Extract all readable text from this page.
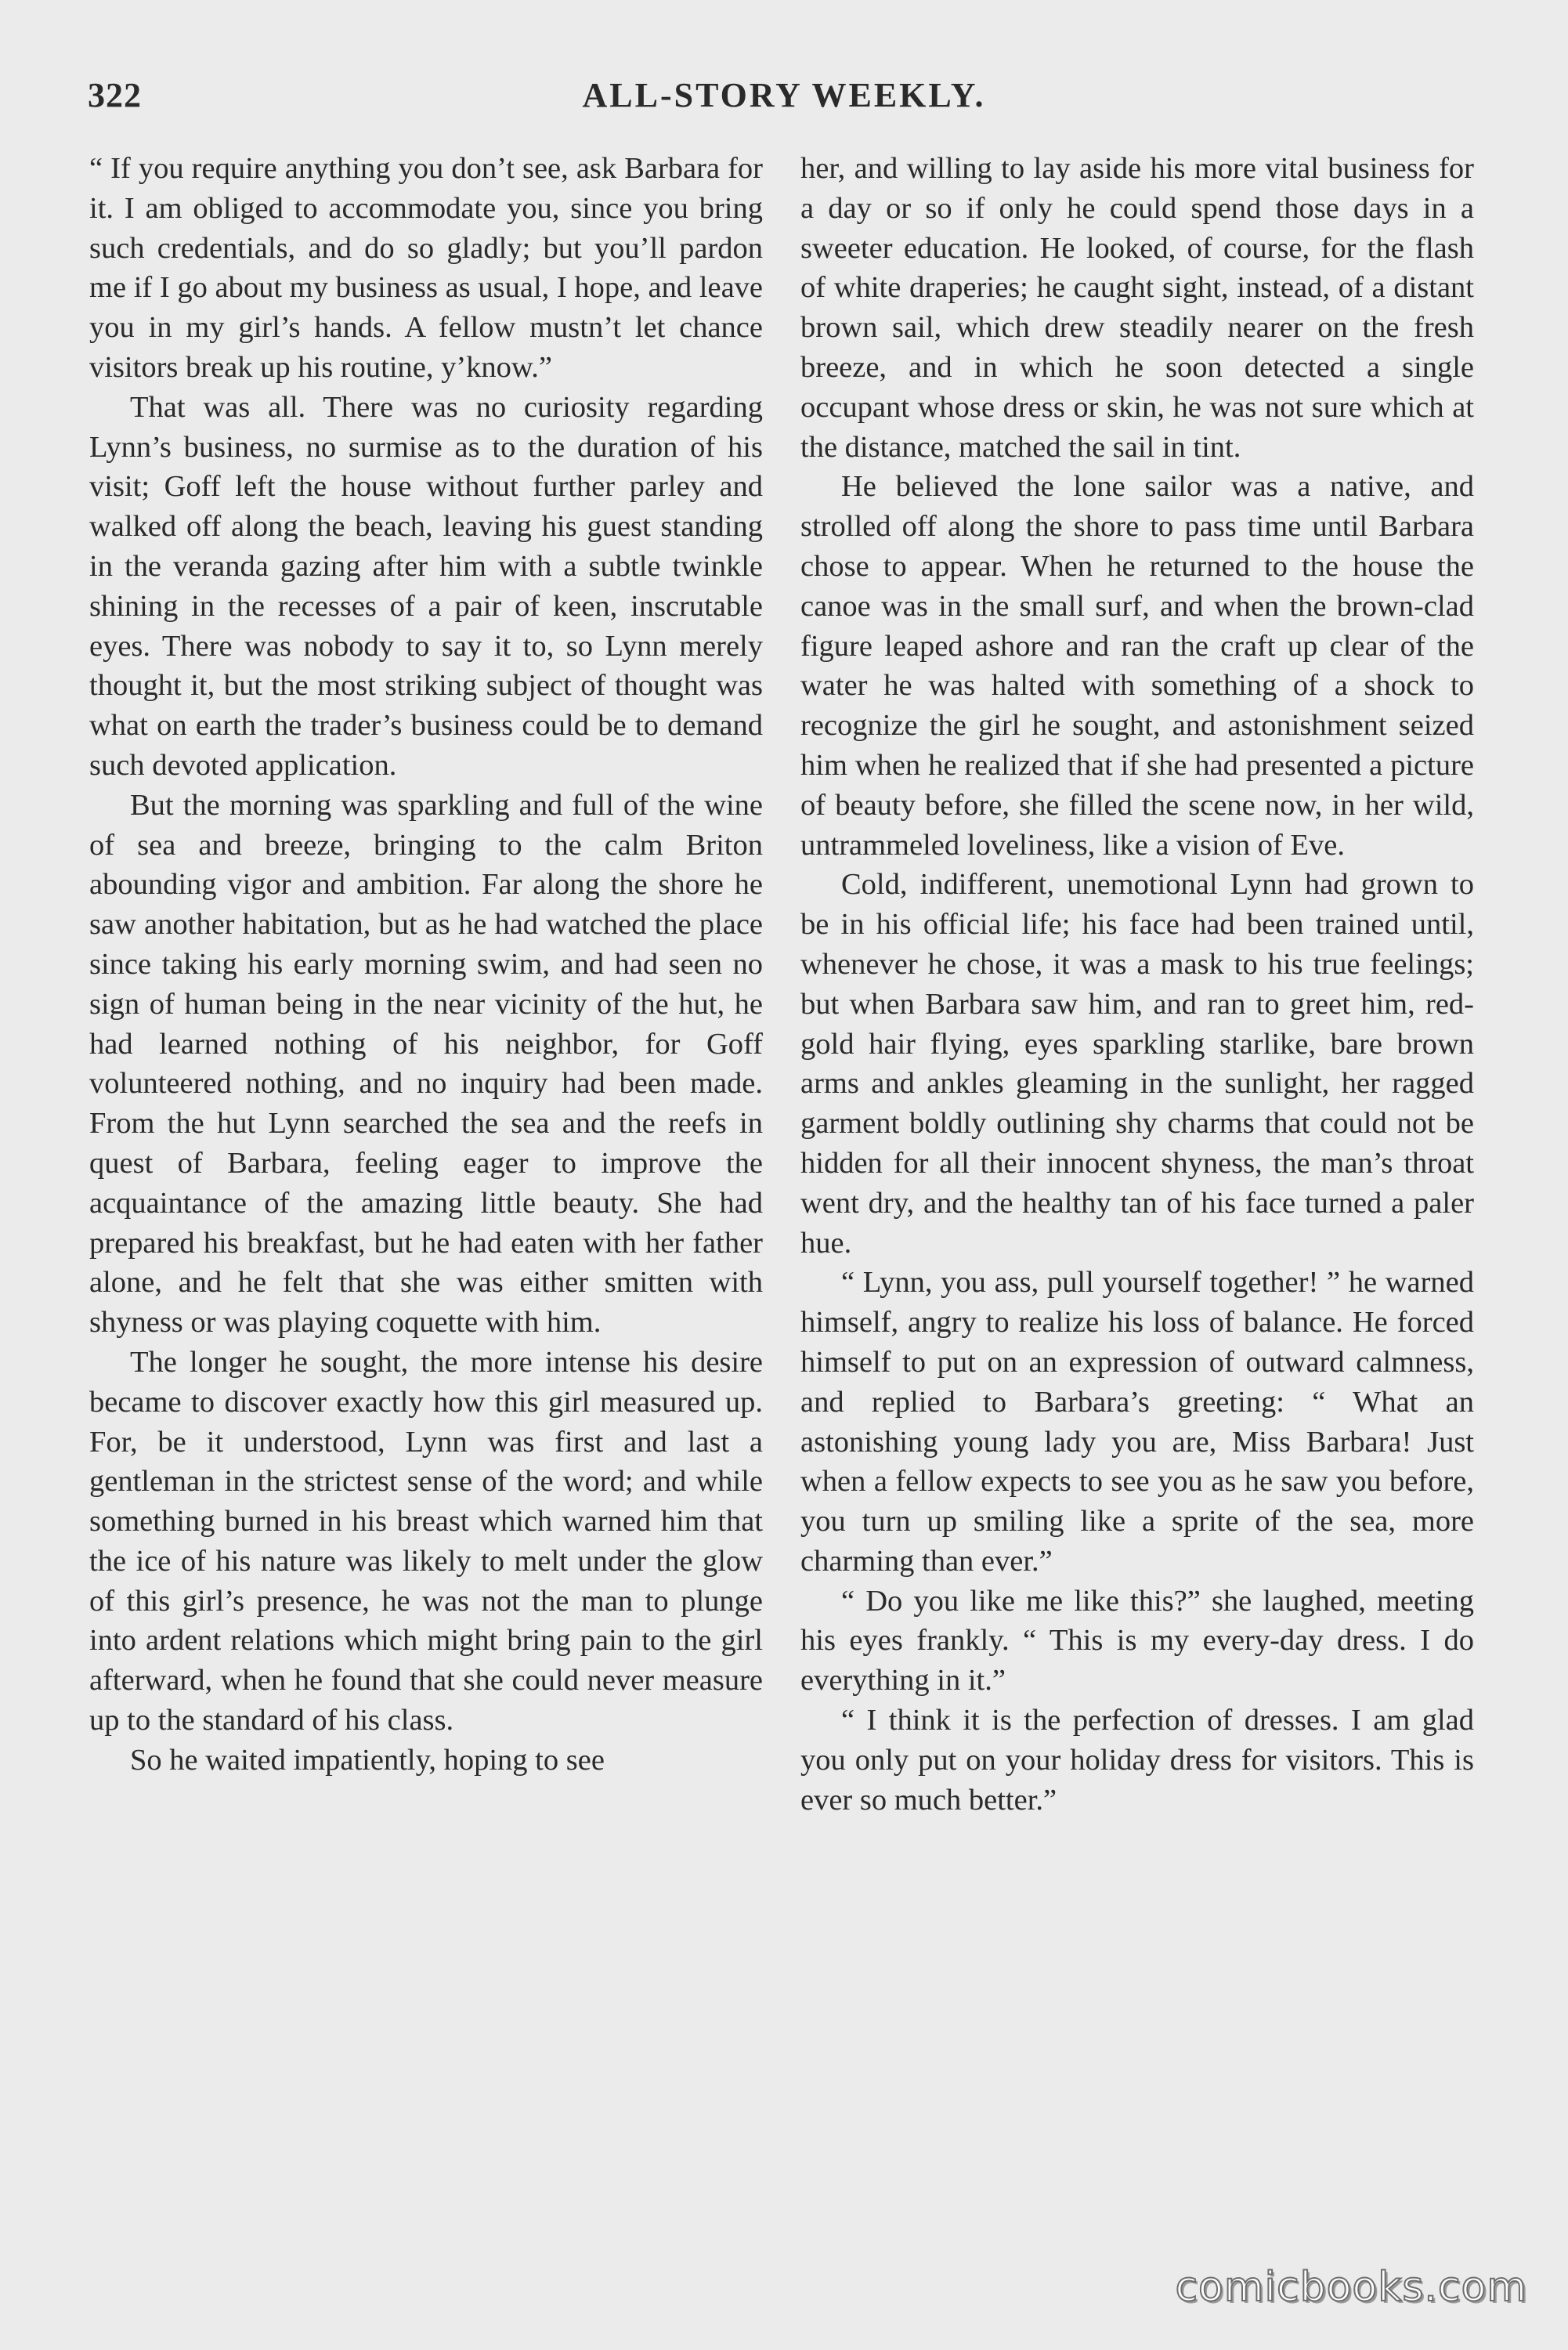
322	ALL-STORY WEEKLY.

“ If you require anything you don’t see, ask Barbara for it. I am obliged to accommodate you, since you bring such credentials, and do so gladly; but you’ll pardon me if I go about my business as usual, I hope, and leave you in my girl’s hands. A fellow mustn’t let chance visitors break up his routine, y’know.”

That was all. There was no curiosity regarding Lynn’s business, no surmise as to the duration of his visit; Goff left the house without further parley and walked off along the beach, leaving his guest standing in the veranda gazing after him with a subtle twinkle shining in the recesses of a pair of keen, inscrutable eyes. There was nobody to say it to, so Lynn merely thought it, but the most striking subject of thought was what on earth the trader’s business could be to demand such devoted application.

But the morning was sparkling and full of the wine of sea and breeze, bringing to the calm Briton abounding vigor and ambition. Far along the shore he saw another habitation, but as he had watched the place since taking his early morning swim, and had seen no sign of human being in the near vicinity of the hut, he had learned nothing of his neighbor, for Goff volunteered nothing, and no inquiry had been made. From the hut Lynn searched the sea and the reefs in quest of Barbara, feeling eager to improve the acquaintance of the amazing little beauty. She had prepared his breakfast, but he had eaten with her father alone, and he felt that she was either smitten with shyness or was playing coquette with him.

The longer he sought, the more intense his desire became to discover exactly how this girl measured up. For, be it understood, Lynn was first and last a gentleman in the strictest sense of the word; and while something burned in his breast which warned him that the ice of his nature was likely to melt under the glow of this girl’s presence, he was not the man to plunge into ardent relations which might bring pain to the girl afterward, when he found that she could never measure up to the standard of his class.

So he waited impatiently, hoping to see

her, and willing to lay aside his more vital business for a day or so if only he could spend those days in a sweeter education. He looked, of course, for the flash of white draperies; he caught sight, instead, of a distant brown sail, which drew steadily nearer on the fresh breeze, and in which he soon detected a single occupant whose dress or skin, he was not sure which at the distance, matched the sail in tint.

He believed the lone sailor was a native, and strolled off along the shore to pass time until Barbara chose to appear. When he returned to the house the canoe was in the small surf, and when the brown-clad figure leaped ashore and ran the craft up clear of the water he was halted with something of a shock to recognize the girl he sought, and astonishment seized him when he realized that if she had presented a picture of beauty before, she filled the scene now, in her wild, untrammeled loveliness, like a vision of Eve.

Cold, indifferent, unemotional Lynn had grown to be in his official life; his face had been trained until, whenever he chose, it was a mask to his true feelings; but when Barbara saw him, and ran to greet him, red-gold hair flying, eyes sparkling starlike, bare brown arms and ankles gleaming in the sunlight, her ragged garment boldly outlining shy charms that could not be hidden for all their innocent shyness, the man’s throat went dry, and the healthy tan of his face turned a paler hue.

“ Lynn, you ass, pull yourself together! ” he warned himself, angry to realize his loss of balance. He forced himself to put on an expression of outward calmness, and replied to Barbara’s greeting: “ What an astonishing young lady you are, Miss Barbara! Just when a fellow expects to see you as he saw you before, you turn up smiling like a sprite of the sea, more charming than ever.”

“ Do you like me like this?” she laughed, meeting his eyes frankly. “ This is my every-day dress. I do everything in it.”

“ I think it is the perfection of dresses. I am glad you only put on your holiday dress for visitors. This is ever so much better.”

comicbooks.com
